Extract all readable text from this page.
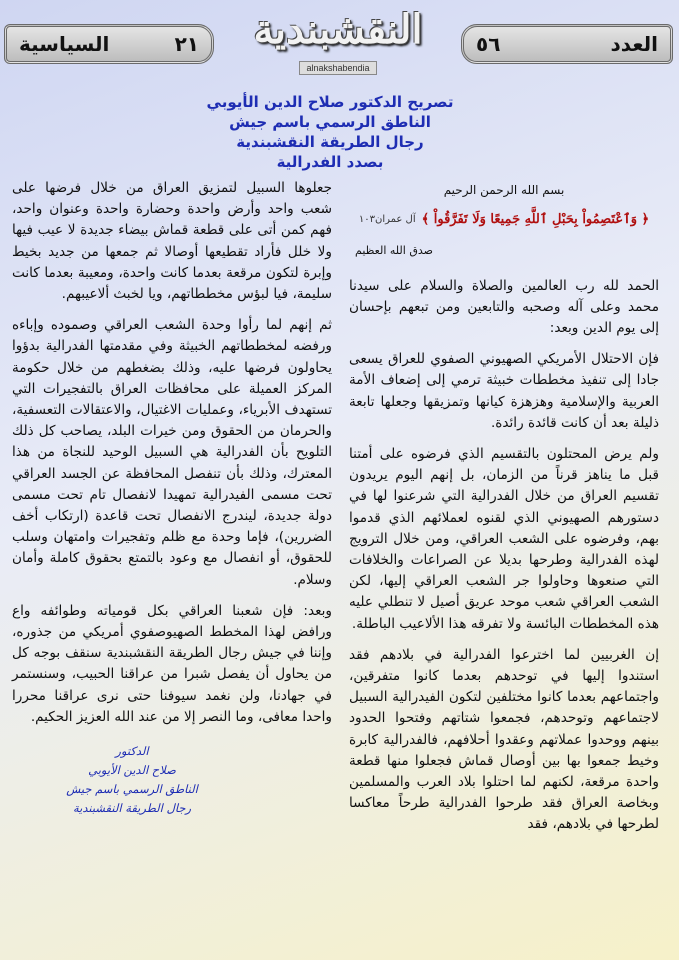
العدد
٥٦
النقشبندية
alnakshabendia
٢١
السياسية
تصريح الدكتور صلاح الدين الأيوبي
الناطق الرسمي باسم جيش
رجال الطريقة النقشبندية
بصدد الفدرالية
بسم الله الرحمن الرحيم
﴿ وَٱعْتَصِمُواْ بِحَبْلِ ٱللَّهِ جَمِيعًا وَلَا تَفَرَّقُواْ ﴾
آل عمران١٠٣
صدق الله العظيم

الحمد لله رب العالمين والصلاة والسلام على سيدنا محمد وعلى آله وصحبه والتابعين ومن تبعهم بإحسان إلى يوم الدين وبعد:

فإن الاحتلال الأمريكي الصهيوني الصفوي للعراق يسعى جادا إلى تنفيذ مخططات خبيثة ترمي إلى إضعاف الأمة العربية والإسلامية وهزهزة كيانها وتمزيقها وجعلها تابعة ذليلة بعد أن كانت قائدة رائدة.

ولم يرض المحتلون بالتقسيم الذي فرضوه على أمتنا قبل ما يناهز قرناً من الزمان، بل إنهم اليوم يريدون تقسيم العراق من خلال الفدرالية التي شرعنوا لها في دستورهم الصهيوني الذي لقنوه لعملائهم الذي قدموا بهم، وفرضوه على الشعب العراقي، ومن خلال الترويج لهذه الفدرالية وطرحها بديلا عن الصراعات والخلافات التي صنعوها وحاولوا جر الشعب العراقي إليها، لكن الشعب العراقي شعب موحد عريق أصيل لا تنطلي عليه هذه المخططات البائسة ولا تفرقه هذا الألاعيب الباطلة.

إن الغربيين لما اخترعوا الفدرالية في بلادهم فقد استندوا إليها في توحدهم بعدما كانوا متفرقين، واجتماعهم بعدما كانوا مختلفين لتكون الفيدرالية السبيل لاجتماعهم وتوحدهم، فجمعوا شتاتهم وفتحوا الحدود بينهم ووحدوا عملاتهم وعقدوا أحلافهم، فالفدرالية كابرة وخيط جمعوا بها بين أوصال قماش فجعلوا منها قطعة واحدة مرقعة، لكنهم لما احتلوا بلاد العرب والمسلمين وبخاصة العراق فقد طرحوا الفدرالية طرحاً معاكسا لطرحها في بلادهم، فقد

جعلوها السبيل لتمزيق العراق من خلال فرضها على شعب واحد وأرض واحدة وحضارة واحدة وعنوان واحد، فهم كمن أتى على قطعة قماش بيضاء جديدة لا عيب فيها ولا خلل فأراد تقطيعها أوصالا ثم جمعها من جديد بخيط وإبرة لتكون مرقعة بعدما كانت واحدة، ومعيبة بعدما كانت سليمة، فيا لبؤس مخططاتهم، ويا لخبث ألاعيبهم.

ثم إنهم لما رأوا وحدة الشعب العراقي وصموده وإباءه ورفضه لمخططاتهم الخبيثة وفي مقدمتها الفدرالية بدؤوا يحاولون فرضها عليه، وذلك بضغطهم من خلال حكومة المركز العميلة على محافظات العراق بالتفجيرات التي تستهدف الأبرياء، وعمليات الاغتيال، والاعتقالات التعسفية، والحرمان من الحقوق ومن خيرات البلد، يصاحب كل ذلك التلويح بأن الفدرالية هي السبيل الوحيد للنجاة من هذا المعترك، وذلك بأن تنفصل المحافظة عن الجسد العراقي تحت مسمى الفيدرالية تمهيدا لانفصال تام تحت مسمى دولة جديدة، ليندرج الانفصال تحت قاعدة (ارتكاب أخف الضررين)، فإما وحدة مع ظلم وتفجيرات وامتهان وسلب للحقوق، أو انفصال مع وعود بالتمتع بحقوق كاملة وأمان وسلام.

وبعد: فإن شعبنا العراقي بكل قومياته وطوائفه واع ورافض لهذا المخطط الصهيوصفوي أمريكي من جذوره، وإننا في جيش رجال الطريقة النقشبندية سنقف بوجه كل من يحاول أن يفصل شبرا من عراقنا الحبيب، وسنستمر في جهادنا، ولن نغمد سيوفنا حتى نرى عراقنا محررا واحدا معافى، وما النصر إلا من عند الله العزيز الحكيم.

الدكتور
صلاح الدين الأيوبي
الناطق الرسمي باسم جيش
رجال الطريقة النقشبندية
